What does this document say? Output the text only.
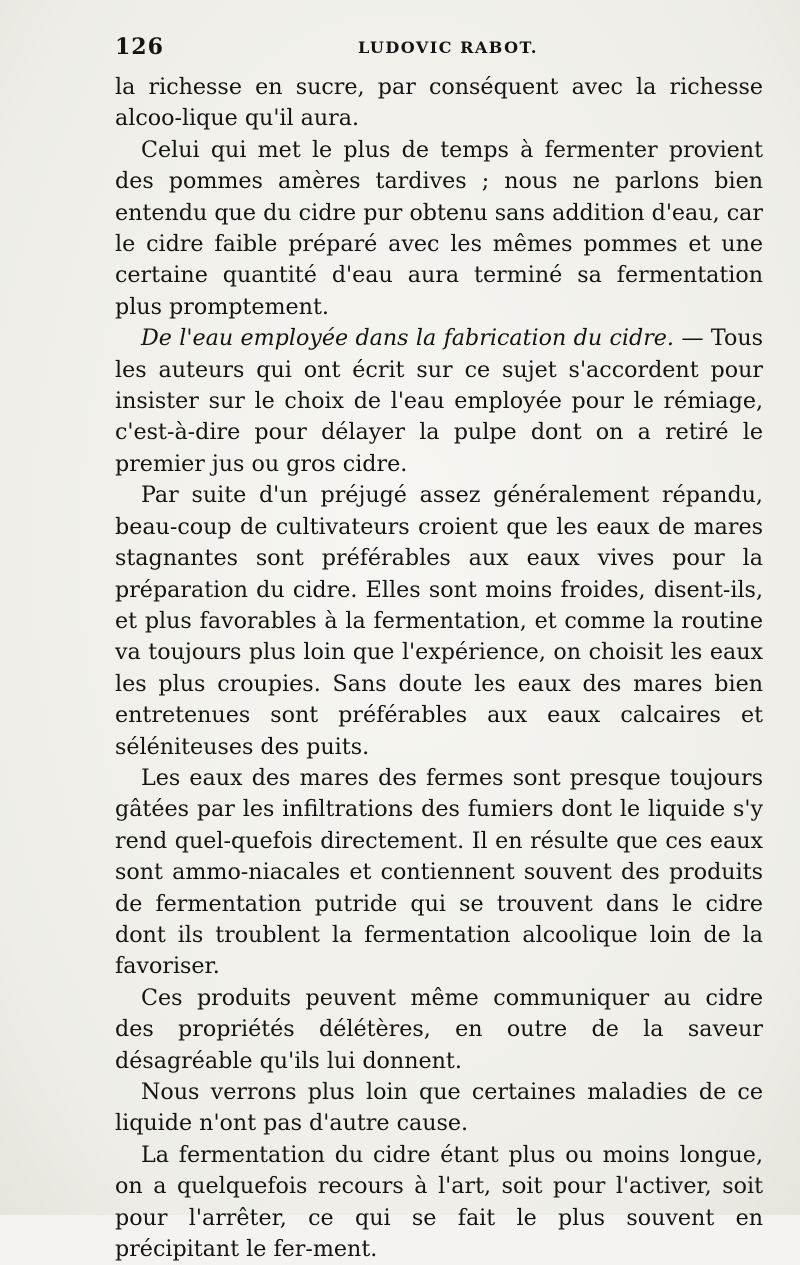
126	LUDOVIC RABOT.

la richesse en sucre, par conséquent avec la richesse alcoo-lique qu'il aura.

Celui qui met le plus de temps à fermenter provient des pommes amères tardives ; nous ne parlons bien entendu que du cidre pur obtenu sans addition d'eau, car le cidre faible préparé avec les mêmes pommes et une certaine quantité d'eau aura terminé sa fermentation plus promptement.

De l'eau employée dans la fabrication du cidre. — Tous les auteurs qui ont écrit sur ce sujet s'accordent pour insister sur le choix de l'eau employée pour le rémiage, c'est-à-dire pour délayer la pulpe dont on a retiré le premier jus ou gros cidre.

Par suite d'un préjugé assez généralement répandu, beau-coup de cultivateurs croient que les eaux de mares stagnantes sont préférables aux eaux vives pour la préparation du cidre. Elles sont moins froides, disent-ils, et plus favorables à la fermentation, et comme la routine va toujours plus loin que l'expérience, on choisit les eaux les plus croupies. Sans doute les eaux des mares bien entretenues sont préférables aux eaux calcaires et séléniteuses des puits.

Les eaux des mares des fermes sont presque toujours gâtées par les infiltrations des fumiers dont le liquide s'y rend quel-quefois directement. Il en résulte que ces eaux sont ammo-niacales et contiennent souvent des produits de fermentation putride qui se trouvent dans le cidre dont ils troublent la fermentation alcoolique loin de la favoriser.

Ces produits peuvent même communiquer au cidre des propriétés délétères, en outre de la saveur désagréable qu'ils lui donnent.

Nous verrons plus loin que certaines maladies de ce liquide n'ont pas d'autre cause.

La fermentation du cidre étant plus ou moins longue, on a quelquefois recours à l'art, soit pour l'activer, soit pour l'arrêter, ce qui se fait le plus souvent en précipitant le fer-ment.
